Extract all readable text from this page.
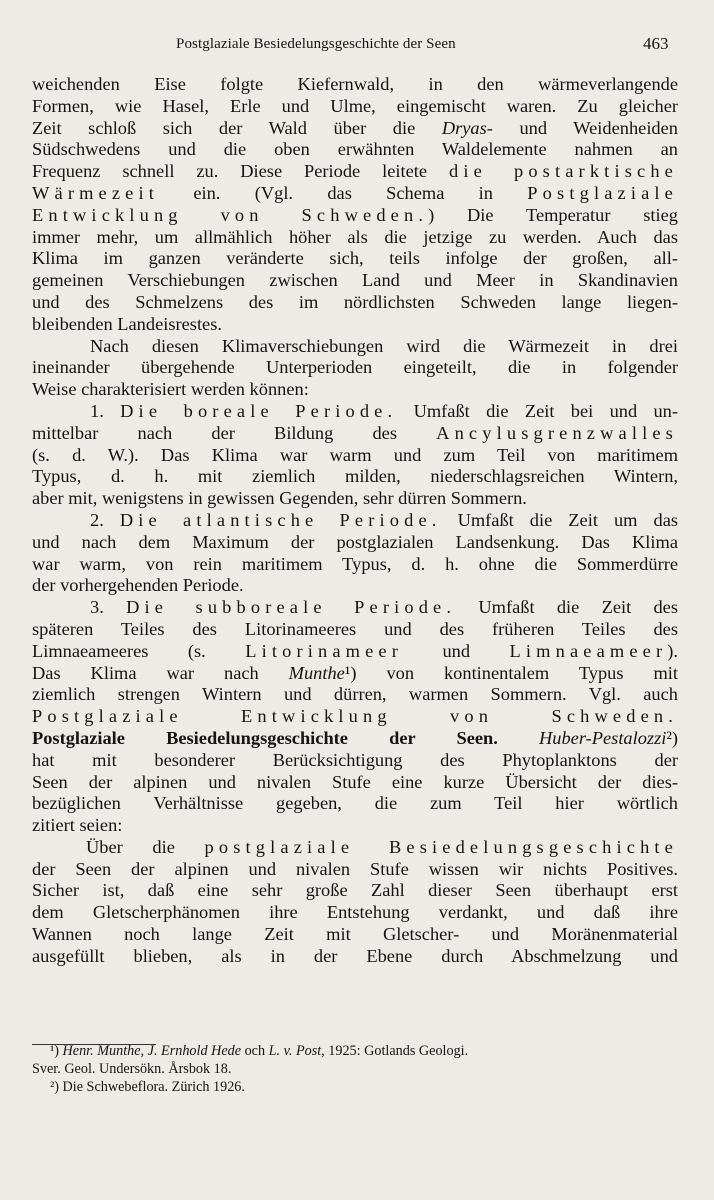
Postglaziale Besiedelungsgeschichte der Seen	463
weichenden Eise folgte Kiefernwald, in den wärmeverlangende
Formen, wie Hasel, Erle und Ulme, eingemischt waren. Zu gleicher
Zeit schloß sich der Wald über die Dryas- und Weidenheiden
Südschwedens und die oben erwähnten Waldelemente nahmen an
Frequenz schnell zu. Diese Periode leitete die postarktische
Wärmezeit ein. (Vgl. das Schema in Postglaziale
Entwicklung von Schweden.) Die Temperatur stieg
immer mehr, um allmählich höher als die jetzige zu werden. Auch das
Klima im ganzen veränderte sich, teils infolge der großen, all-
gemeinen Verschiebungen zwischen Land und Meer in Skandinavien
und des Schmelzens des im nördlichsten Schweden lange liegen-
bleibenden Landeisrestes.
Nach diesen Klimaverschiebungen wird die Wärmezeit in drei
ineinander übergehende Unterperioden eingeteilt, die in folgender
Weise charakterisiert werden können:
1. Die boreale Periode. Umfaßt die Zeit bei und un-
mittelbar nach der Bildung des Ancylusgrenzwalles
(s. d. W.). Das Klima war warm und zum Teil von maritimem
Typus, d. h. mit ziemlich milden, niederschlagsreichen Wintern,
aber mit, wenigstens in gewissen Gegenden, sehr dürren Sommern.
2. Die atlantische Periode. Umfaßt die Zeit um das
und nach dem Maximum der postglazialen Landsenkung. Das Klima
war warm, von rein maritimem Typus, d. h. ohne die Sommerdürre
der vorhergehenden Periode.
3. Die subboreale Periode. Umfaßt die Zeit des
späteren Teiles des Litorinameeres und des früheren Teiles des
Limnaeameeres (s. Litorinameer und Limnaeameer).
Das Klima war nach Munthe¹) von kontinentalem Typus mit
ziemlich strengen Wintern und dürren, warmen Sommern. Vgl. auch
Postglaziale Entwicklung von Schweden.
Postglaziale Besiedelungsgeschichte der Seen. Huber-Pestalozzi²)
hat mit besonderer Berücksichtigung des Phytoplanktons der
Seen der alpinen und nivalen Stufe eine kurze Übersicht der dies-
bezüglichen Verhältnisse gegeben, die zum Teil hier wörtlich
zitiert seien:
Über die postglaziale Besiedelungsgeschichte
der Seen der alpinen und nivalen Stufe wissen wir nichts Positives.
Sicher ist, daß eine sehr große Zahl dieser Seen überhaupt erst
dem Gletscherphänomen ihre Entstehung verdankt, und daß ihre
Wannen noch lange Zeit mit Gletscher- und Moränenmaterial
ausgefüllt blieben, als in der Ebene durch Abschmelzung und
¹) Henr. Munthe, J. Ernhold Hede och L. v. Post, 1925: Gotlands Geologi.
Sver. Geol. Undersökn. Årsbok 18.
²) Die Schwebeflora. Zürich 1926.
